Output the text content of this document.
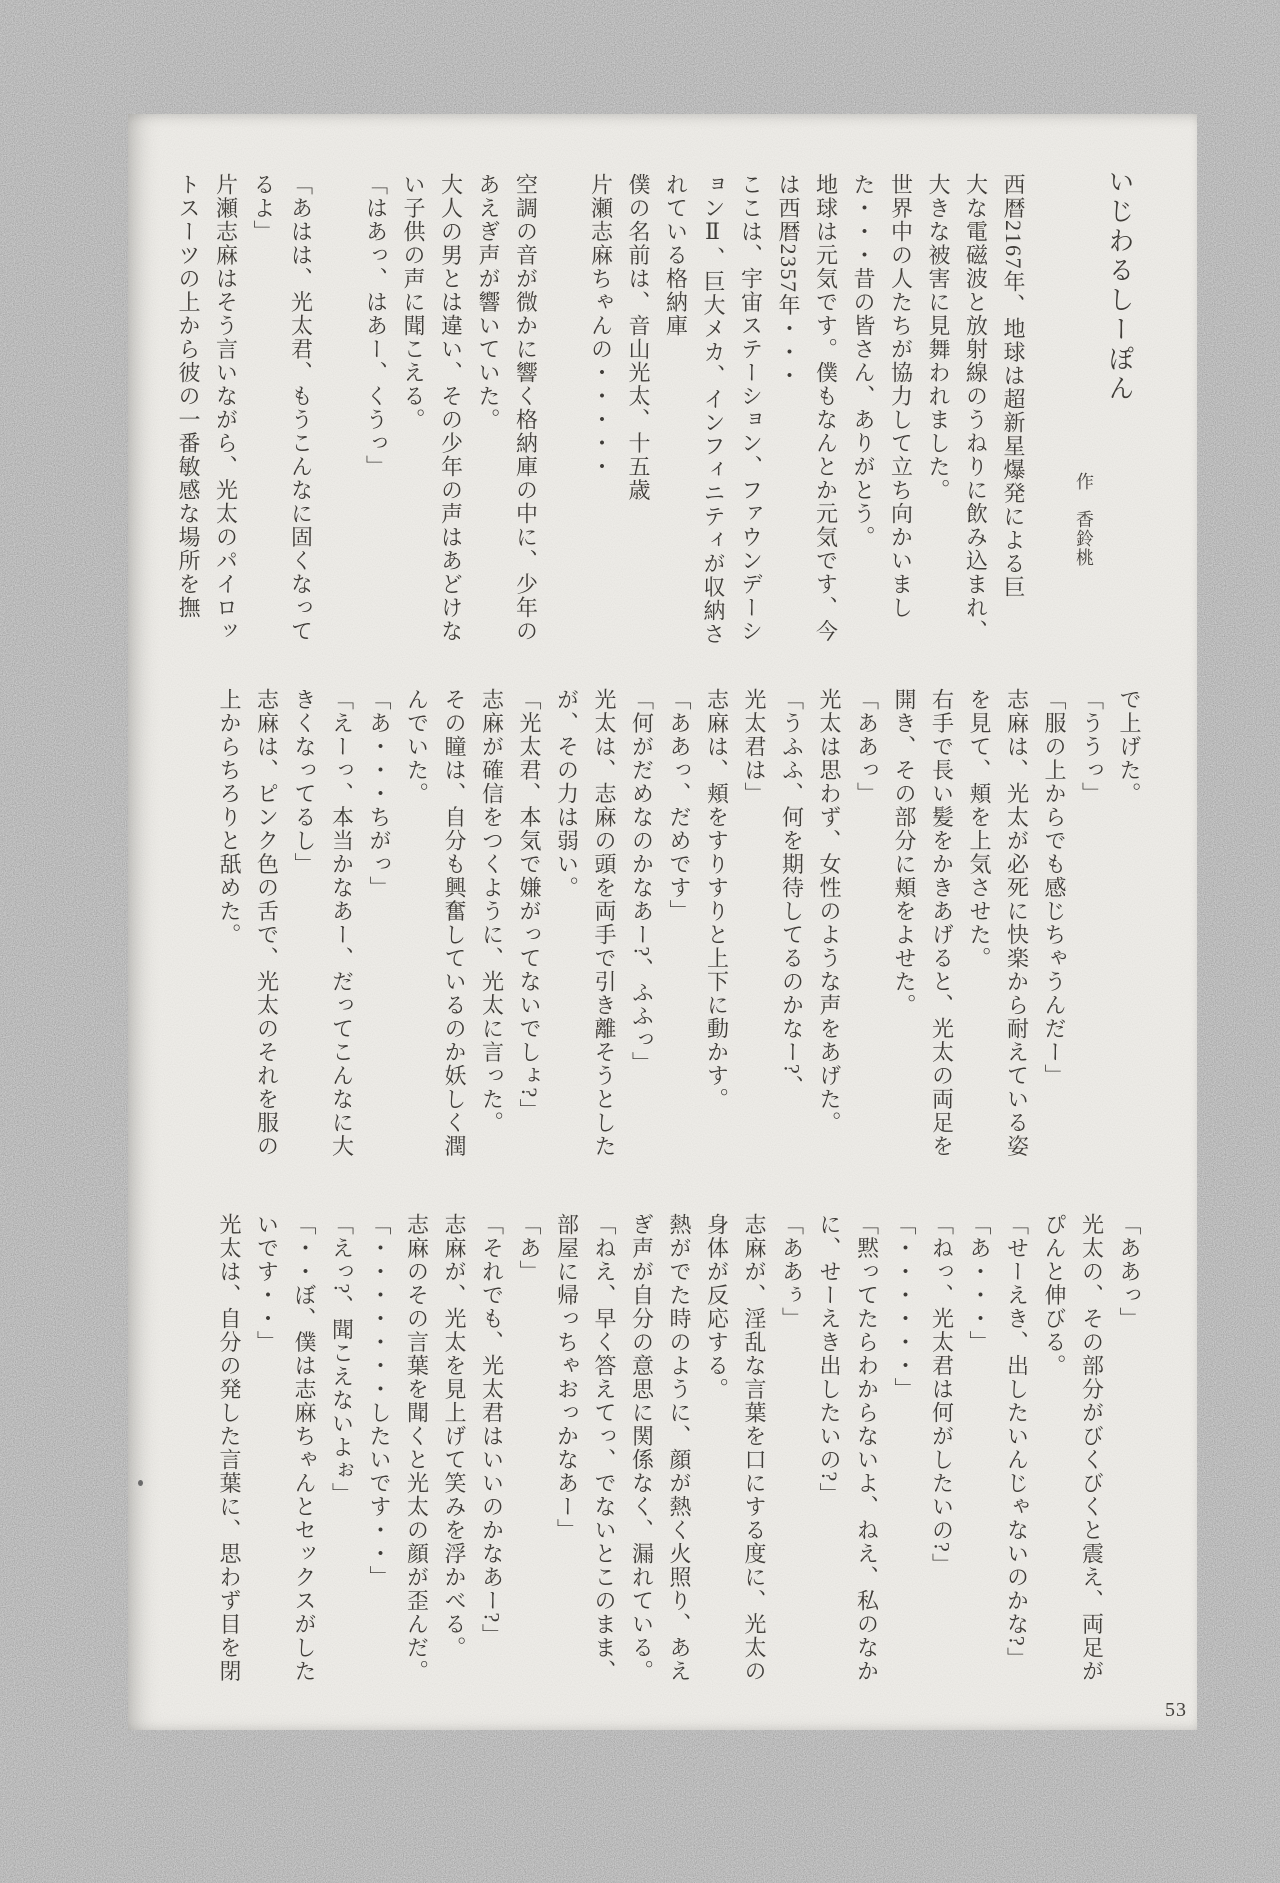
いじわるしーぽん
作　香鈴桃
西暦2167年、地球は超新星爆発による巨
大な電磁波と放射線のうねりに飲み込まれ、
大きな被害に見舞われました。
世界中の人たちが協力して立ち向かいまし
た・・・昔の皆さん、ありがとう。
地球は元気です。僕もなんとか元気です、今
は西暦2357年・・・
ここは、宇宙ステーション、ファウンデーシ
ョンⅡ、巨大メカ、インフィニティが収納さ
れている格納庫
僕の名前は、音山光太、十五歳
片瀬志麻ちゃんの・・・・・

空調の音が微かに響く格納庫の中に、少年の
あえぎ声が響いていた。
大人の男とは違い、その少年の声はあどけな
い子供の声に聞こえる。
「はあっ、はあー、くうっ」

「あはは、光太君、もうこんなに固くなって
るよ」
片瀬志麻はそう言いながら、光太のパイロッ
トスーツの上から彼の一番敏感な場所を撫
で上げた。
「ううっ」
「服の上からでも感じちゃうんだー」
志麻は、光太が必死に快楽から耐えている姿
を見て、頬を上気させた。
右手で長い髪をかきあげると、光太の両足を
開き、その部分に頬をよせた。
「ああっ」
光太は思わず、女性のような声をあげた。
「うふふ、何を期待してるのかなー?、
光太君は」
志麻は、頬をすりすりと上下に動かす。
「ああっ、だめです」
「何がだめなのかなあー?、ふふっ」
光太は、志麻の頭を両手で引き離そうとした
が、その力は弱い。
「光太君、本気で嫌がってないでしょ?」
志麻が確信をつくように、光太に言った。
その瞳は、自分も興奮しているのか妖しく潤
んでいた。
「あ・・・ちがっ」
「えーっ、本当かなあー、だってこんなに大
きくなってるし」
志麻は、ピンク色の舌で、光太のそれを服の
上からちろりと舐めた。
「ああっ」
光太の、その部分がびくびくと震え、両足が
ぴんと伸びる。
「せーえき、出したいんじゃないのかな?」
「あ・・・」
「ねっ、光太君は何がしたいの?」
「・・・・・・」
「黙ってたらわからないよ、ねえ、私のなか
に、せーえき出したいの?」
「ああぅ」
志麻が、淫乱な言葉を口にする度に、光太の
身体が反応する。
熱がでた時のように、顔が熱く火照り、あえ
ぎ声が自分の意思に関係なく、漏れている。
「ねえ、早く答えてっ、でないとこのまま、
部屋に帰っちゃおっかなあー」
「あ」
「それでも、光太君はいいのかなあー?」
志麻が、光太を見上げて笑みを浮かべる。
志麻のその言葉を聞くと光太の顔が歪んだ。
「・・・・・・・したいです・・」
「えっ?、聞こえないよぉ」
「・・ぼ、僕は志麻ちゃんとセックスがした
いです・・」
光太は、自分の発した言葉に、思わず目を閉
53
